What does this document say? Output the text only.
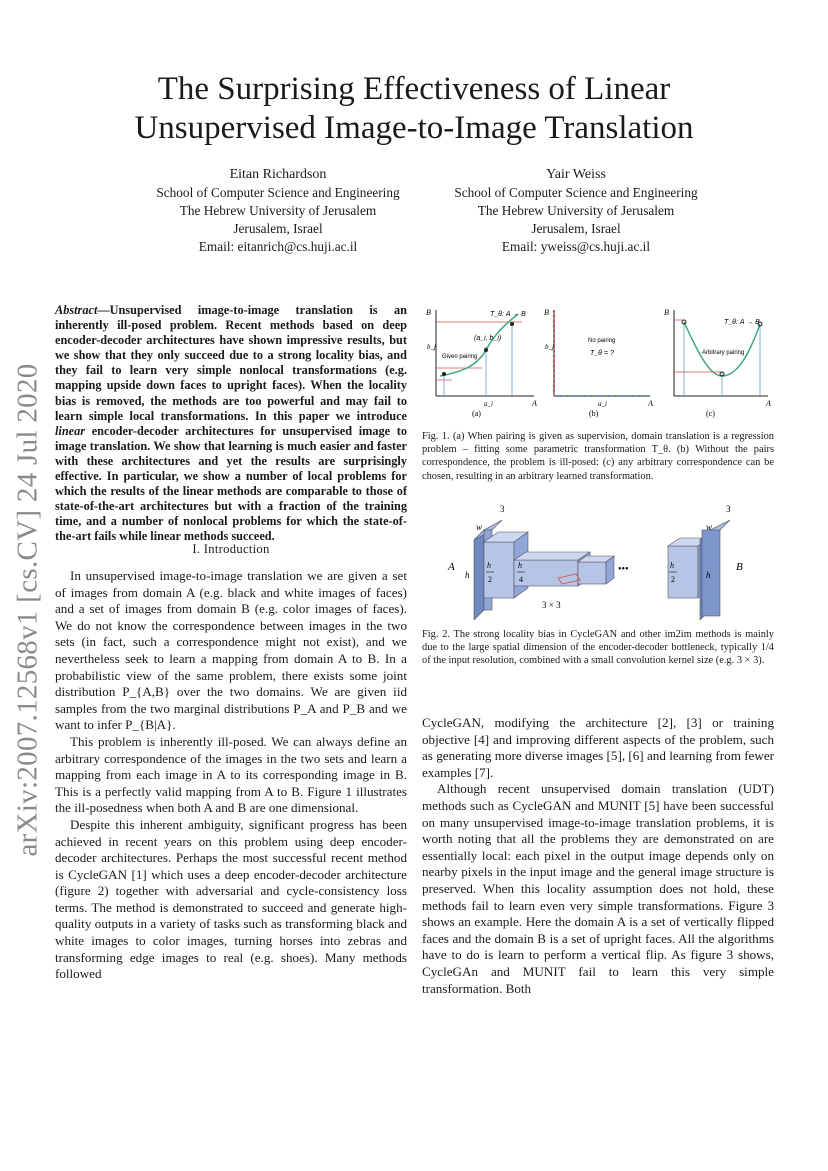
The Surprising Effectiveness of Linear
Unsupervised Image-to-Image Translation
Eitan Richardson
School of Computer Science and Engineering
The Hebrew University of Jerusalem
Jerusalem, Israel
Email: eitanrich@cs.huji.ac.il
Yair Weiss
School of Computer Science and Engineering
The Hebrew University of Jerusalem
Jerusalem, Israel
Email: yweiss@cs.huji.ac.il
arXiv:2007.12568v1 [cs.CV] 24 Jul 2020
Abstract—Unsupervised image-to-image translation is an inherently ill-posed problem. Recent methods based on deep encoder-decoder architectures have shown impressive results, but we show that they only succeed due to a strong locality bias, and they fail to learn very simple nonlocal transformations (e.g. mapping upside down faces to upright faces). When the locality bias is removed, the methods are too powerful and may fail to learn simple local transformations. In this paper we introduce linear encoder-decoder architectures for unsupervised image to image translation. We show that learning is much easier and faster with these architectures and yet the results are surprisingly effective. In particular, we show a number of local problems for which the results of the linear methods are comparable to those of state-of-the-art architectures but with a fraction of the training time, and a number of nonlocal problems for which the state-of-the-art fails while linear methods succeed.
I. Introduction

In unsupervised image-to-image translation we are given a set of images from domain A (e.g. black and white images of faces) and a set of images from domain B (e.g. color images of faces). We do not know the correspondence between images in the two sets (in fact, such a correspondence might not exist), and we nevertheless seek to learn a mapping from domain A to B. In a probabilistic view of the same problem, there exists some joint distribution P_{A,B} over the two domains. We are given iid samples from the two marginal distributions P_A and P_B and we want to infer P_{B|A}.

This problem is inherently ill-posed. We can always define an arbitrary correspondence of the images in the two sets and learn a mapping from each image in A to its corresponding image in B. This is a perfectly valid mapping from A to B. Figure 1 illustrates the ill-posedness when both A and B are one dimensional.

Despite this inherent ambiguity, significant progress has been achieved in recent years on this problem using deep encoder-decoder architectures. Perhaps the most successful recent method is CycleGAN [1] which uses a deep encoder-decoder architecture (figure 2) together with adversarial and cycle-consistency loss terms. The method is demonstrated to succeed and generate high-quality outputs in a variety of tasks such as transforming black and white images to color images, turning horses into zebras and transforming edge images to real (e.g. shoes). Many methods followed

A
B
b_j
a_i
T_θ: A → B
(a_i, b_i)
Given pairing
(a)
A
B
b_j
a_i
No pairing
T_θ = ?
(b)
A
B
T_θ: A → B
Arbitrary pairing
(c)
Fig. 1. (a) When pairing is given as supervision, domain translation is a regression problem – fitting some parametric transformation T_θ. (b) Without the pairs correspondence, the problem is ill-posed: (c) any arbitrary correspondence can be chosen, resulting in an arbitrary learned transformation.
A	B
•••
w
3
h
h
2
h
4
3 × 3
h
2
w
3
h
Fig. 2. The strong locality bias in CycleGAN and other im2im methods is mainly due to the large spatial dimension of the encoder-decoder bottleneck, typically 1/4 of the input resolution, combined with a small convolution kernel size (e.g. 3 × 3).

CycleGAN, modifying the architecture [2], [3] or training objective [4] and improving different aspects of the problem, such as generating more diverse images [5], [6] and learning from fewer examples [7].

Although recent unsupervised domain translation (UDT) methods such as CycleGAN and MUNIT [5] have been successful on many unsupervised image-to-image translation problems, it is worth noting that all the problems they are demonstrated on are essentially local: each pixel in the output image depends only on nearby pixels in the input image and the general image structure is preserved. When this locality assumption does not hold, these methods fail to learn even very simple transformations. Figure 3 shows an example. Here the domain A is a set of vertically flipped faces and the domain B is a set of upright faces. All the algorithms have to do is learn to perform a vertical flip. As figure 3 shows, CycleGAn and MUNIT fail to learn this very simple transformation. Both
